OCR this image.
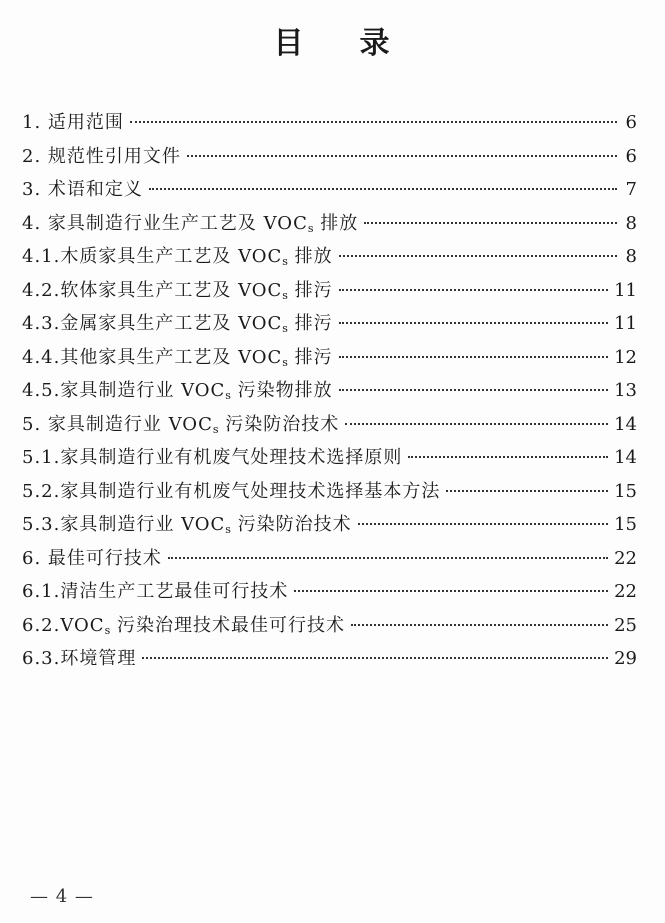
目 录
1. 适用范围	6
2. 规范性引用文件	6
3. 术语和定义	7
4. 家具制造行业生产工艺及 $VOC_s$ 排放	8
4.1.木质家具生产工艺及 $VOC_s$ 排放	8
4.2.软体家具生产工艺及 $VOC_s$ 排污	11
4.3.金属家具生产工艺及 $VOC_s$ 排污	11
4.4.其他家具生产工艺及 $VOC_s$ 排污	12
4.5.家具制造行业 $VOC_s$ 污染物排放	13
5. 家具制造行业 $VOC_s$ 污染防治技术	14
5.1.家具制造行业有机废气处理技术选择原则	14
5.2.家具制造行业有机废气处理技术选择基本方法	15
5.3.家具制造行业 $VOC_s$ 污染防治技术	15
6. 最佳可行技术	22
6.1.清洁生产工艺最佳可行技术	22
$6.2.VOC_s$ 污染治理技术最佳可行技术	25
6.3.环境管理	29
— 4 —
